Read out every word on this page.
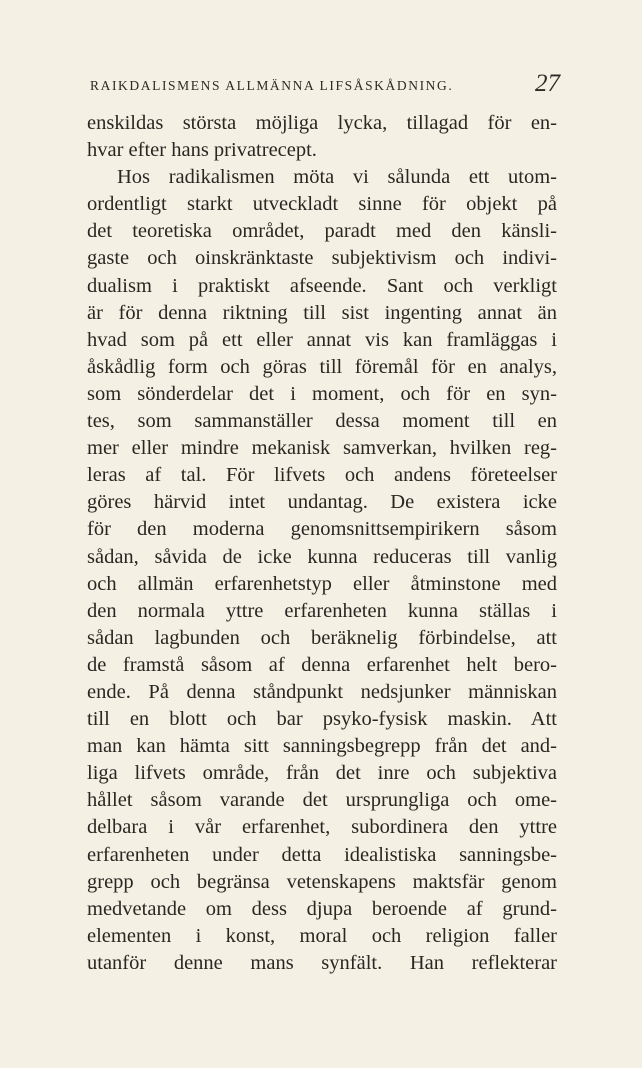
RAIKDALISMENS ALLMÄNNA LIFSÅSKÅDNING.	27
enskildas största möjliga lycka, tillagad för en-
hvar efter hans privatrecept.
Hos radikalismen möta vi sålunda ett utom-
ordentligt starkt utveckladt sinne för objekt på
det teoretiska området, paradt med den känsli-
gaste och oinskränktaste subjektivism och indivi-
dualism i praktiskt afseende. Sant och verkligt
är för denna riktning till sist ingenting annat än
hvad som på ett eller annat vis kan framläggas i
åskådlig form och göras till föremål för en analys,
som sönderdelar det i moment, och för en syn-
tes, som sammanställer dessa moment till en
mer eller mindre mekanisk samverkan, hvilken reg-
leras af tal. För lifvets och andens företeelser
göres härvid intet undantag. De existera icke
för den moderna genomsnittsempirikern såsom
sådan, såvida de icke kunna reduceras till vanlig
och allmän erfarenhetstyp eller åtminstone med
den normala yttre erfarenheten kunna ställas i
sådan lagbunden och beräknelig förbindelse, att
de framstå såsom af denna erfarenhet helt bero-
ende. På denna ståndpunkt nedsjunker människan
till en blott och bar psyko-fysisk maskin. Att
man kan hämta sitt sanningsbegrepp från det and-
liga lifvets område, från det inre och subjektiva
hållet såsom varande det ursprungliga och ome-
delbara i vår erfarenhet, subordinera den yttre
erfarenheten under detta idealistiska sanningsbe-
grepp och begränsa vetenskapens maktsfär genom
medvetande om dess djupa beroende af grund-
elementen i konst, moral och religion faller
utanför denne mans synfält. Han reflekterar
